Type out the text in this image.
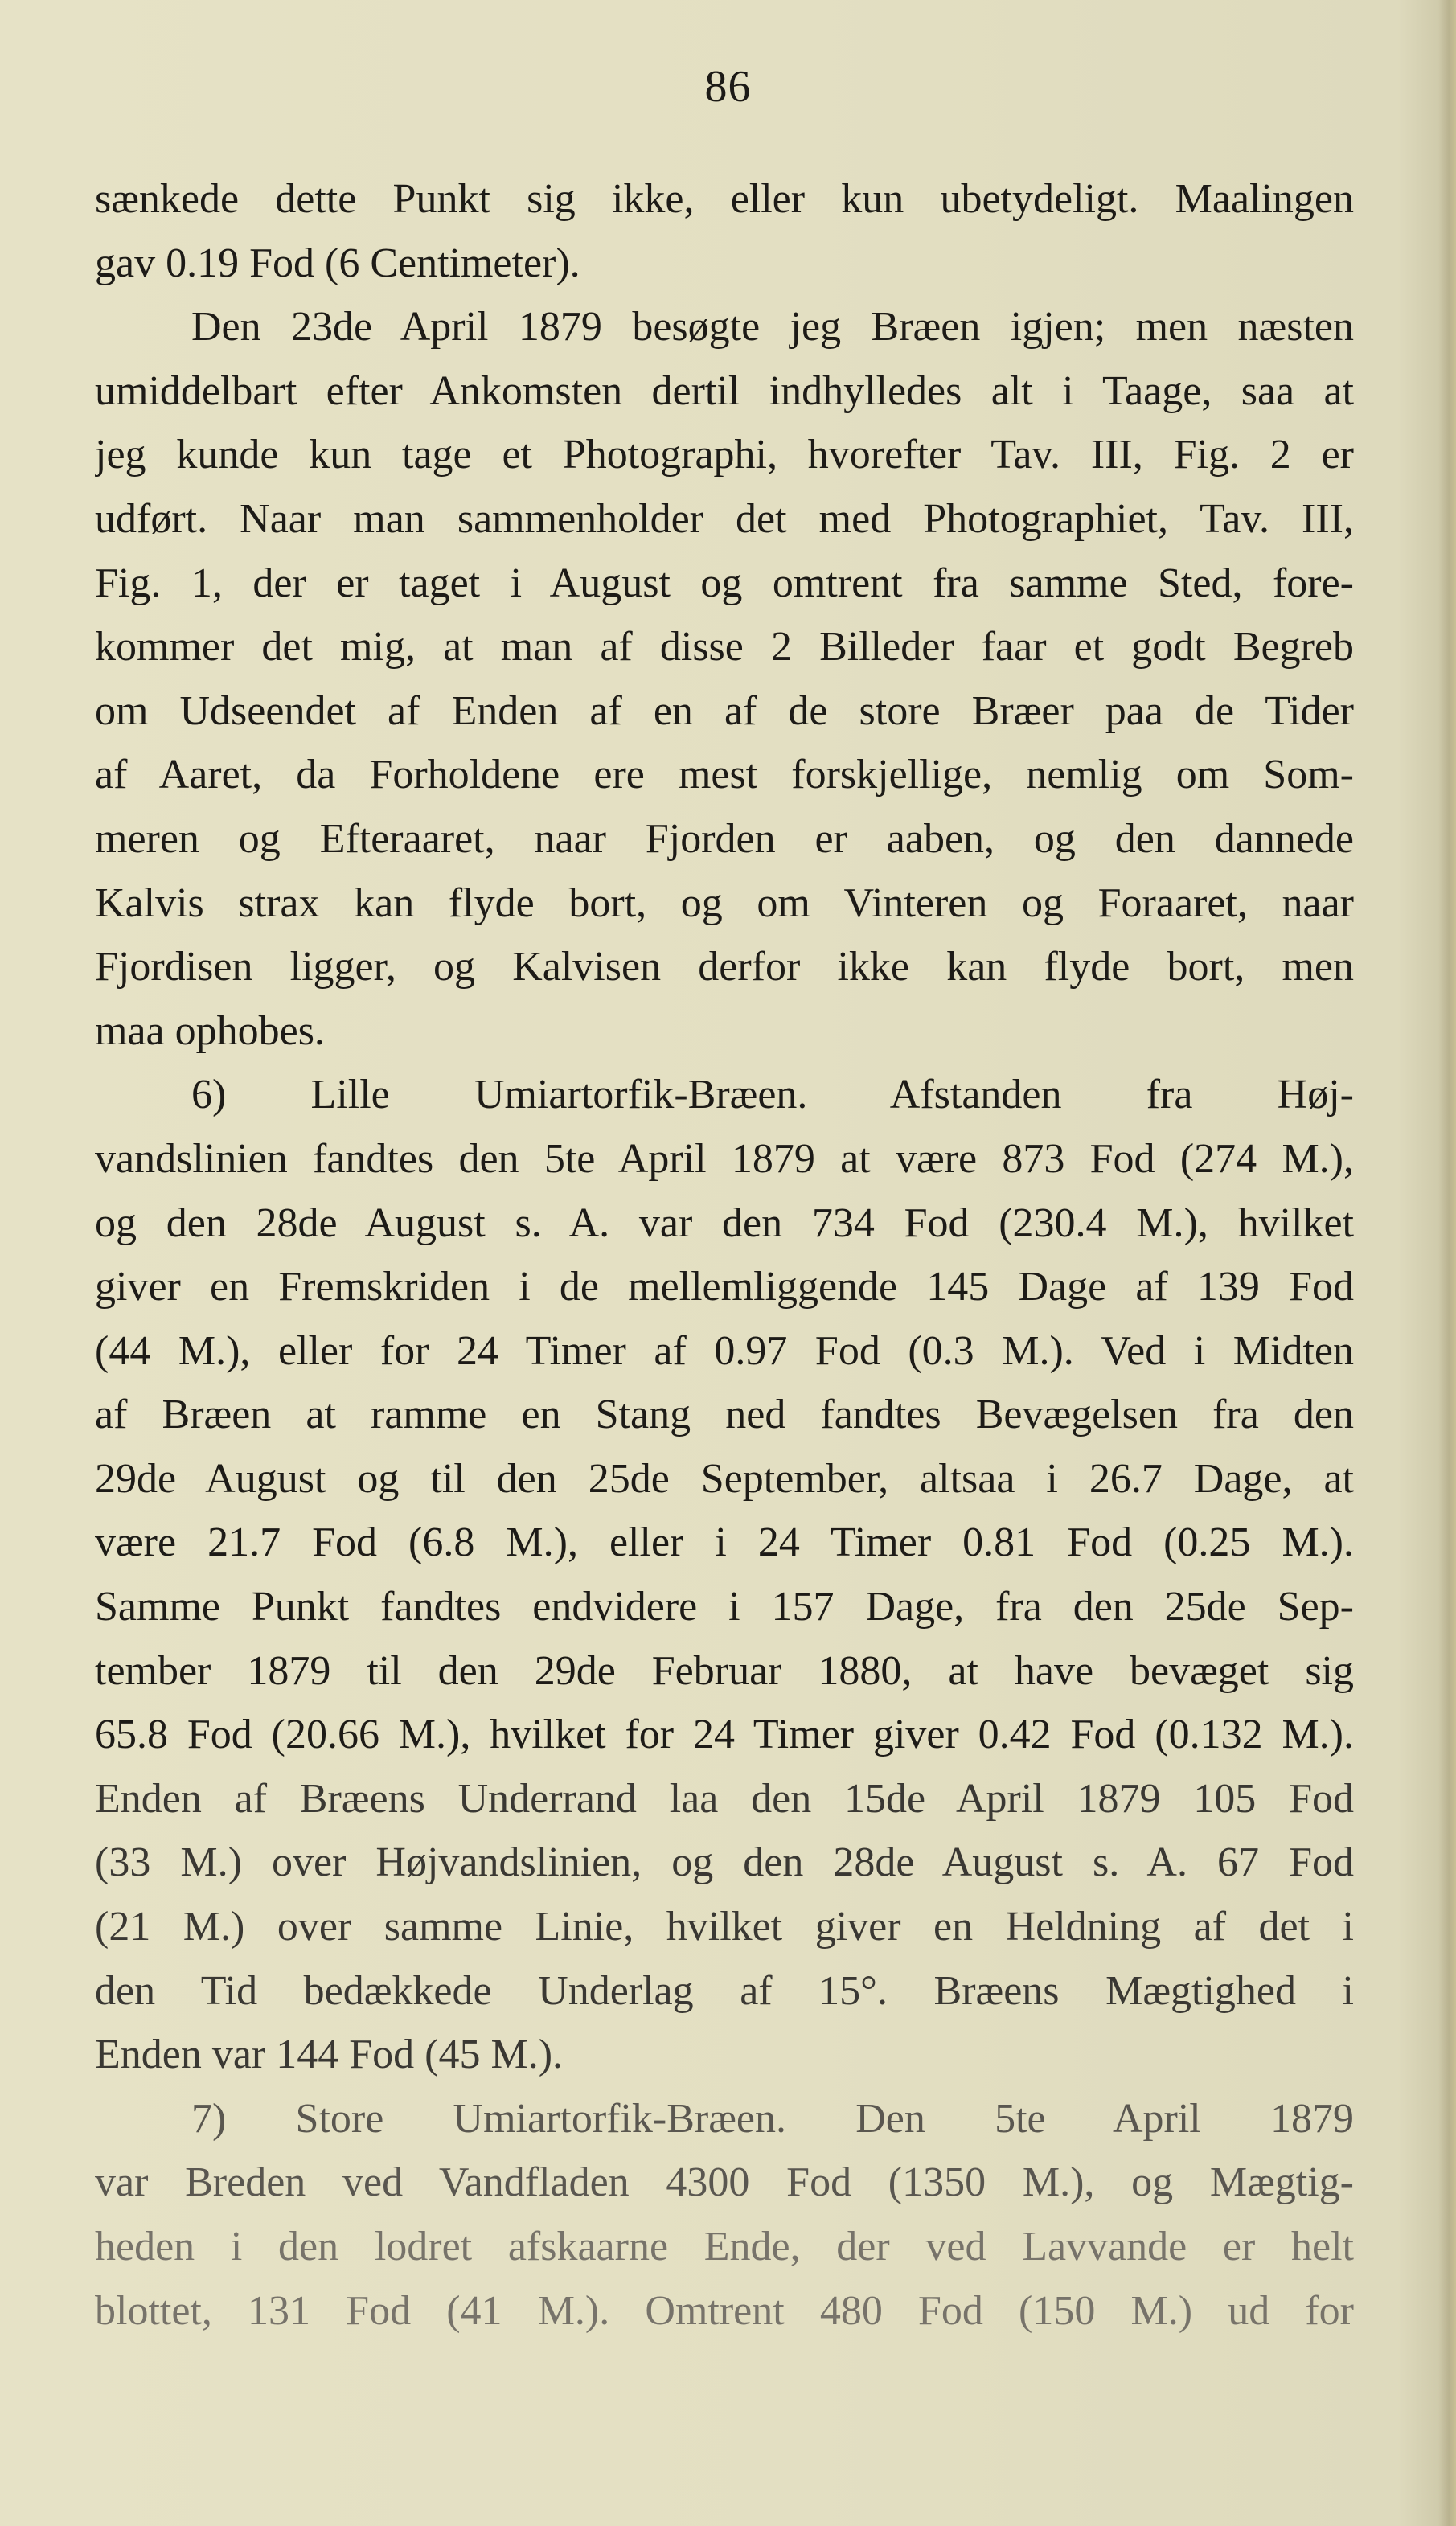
86
sænkede dette Punkt sig ikke, eller kun ubetydeligt. Maalingen
gav 0.19 Fod (6 Centimeter).
Den 23de April 1879 besøgte jeg Bræen igjen; men næsten
umiddelbart efter Ankomsten dertil indhylledes alt i Taage, saa at
jeg kunde kun tage et Photographi, hvorefter Tav. III, Fig. 2 er
udført. Naar man sammenholder det med Photographiet, Tav. III,
Fig. 1, der er taget i August og omtrent fra samme Sted, fore-
kommer det mig, at man af disse 2 Billeder faar et godt Begreb
om Udseendet af Enden af en af de store Bræer paa de Tider
af Aaret, da Forholdene ere mest forskjellige, nemlig om Som-
meren og Efteraaret, naar Fjorden er aaben, og den dannede
Kalvis strax kan flyde bort, og om Vinteren og Foraaret, naar
Fjordisen ligger, og Kalvisen derfor ikke kan flyde bort, men
maa ophobes.
6) Lille Umiartorfik-Bræen. Afstanden fra Høj-
vandslinien fandtes den 5te April 1879 at være 873 Fod (274 M.),
og den 28de August s. A. var den 734 Fod (230.4 M.), hvilket
giver en Fremskriden i de mellemliggende 145 Dage af 139 Fod
(44 M.), eller for 24 Timer af 0.97 Fod (0.3 M.). Ved i Midten
af Bræen at ramme en Stang ned fandtes Bevægelsen fra den
29de August og til den 25de September, altsaa i 26.7 Dage, at
være 21.7 Fod (6.8 M.), eller i 24 Timer 0.81 Fod (0.25 M.).
Samme Punkt fandtes endvidere i 157 Dage, fra den 25de Sep-
tember 1879 til den 29de Februar 1880, at have bevæget sig
65.8 Fod (20.66 M.), hvilket for 24 Timer giver 0.42 Fod (0.132 M.).
Enden af Bræens Underrand laa den 15de April 1879 105 Fod
(33 M.) over Højvandslinien, og den 28de August s. A. 67 Fod
(21 M.) over samme Linie, hvilket giver en Heldning af det i
den Tid bedækkede Underlag af 15°. Bræens Mægtighed i
Enden var 144 Fod (45 M.).
7) Store Umiartorfik-Bræen. Den 5te April 1879
var Breden ved Vandfladen 4300 Fod (1350 M.), og Mægtig-
heden i den lodret afskaarne Ende, der ved Lavvande er helt
blottet, 131 Fod (41 M.). Omtrent 480 Fod (150 M.) ud for
